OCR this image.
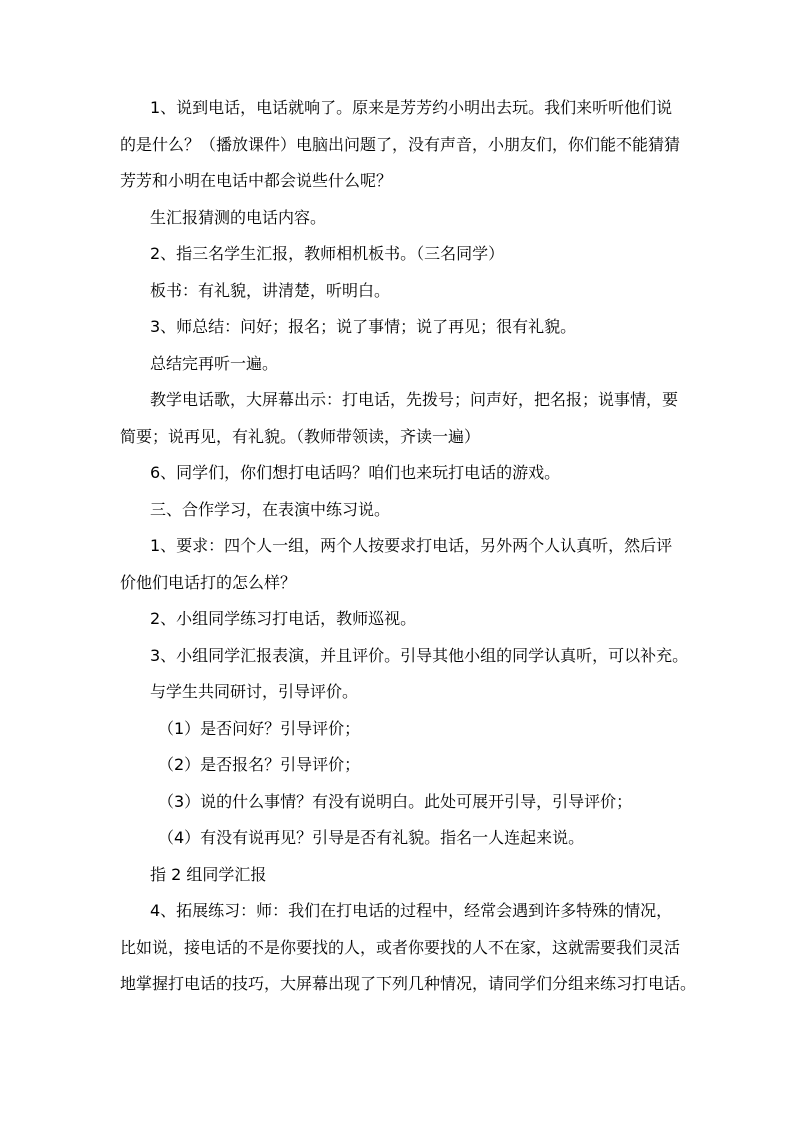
1、说到电话，电话就响了。原来是芳芳约小明出去玩。我们来听听他们说
的是什么？（播放课件）电脑出问题了，没有声音，小朋友们，你们能不能猜猜
芳芳和小明在电话中都会说些什么呢？

生汇报猜测的电话内容。

2、指三名学生汇报，教师相机板书。（三名同学）

板书：有礼貌，讲清楚，听明白。

3、师总结：问好；报名；说了事情；说了再见；很有礼貌。

总结完再听一遍。

教学电话歌，大屏幕出示：打电话，先拨号；问声好，把名报；说事情，要
简要；说再见，有礼貌。（教师带领读，齐读一遍）

6、同学们，你们想打电话吗？咱们也来玩打电话的游戏。

三、合作学习，在表演中练习说。

1、要求：四个人一组，两个人按要求打电话，另外两个人认真听，然后评
价他们电话打的怎么样？

2、小组同学练习打电话，教师巡视。

3、小组同学汇报表演，并且评价。引导其他小组的同学认真听，可以补充。

与学生共同研讨，引导评价。

（1）是否问好？引导评价；

（2）是否报名？引导评价；

（3）说的什么事情？有没有说明白。此处可展开引导，引导评价；

（4）有没有说再见？引导是否有礼貌。指名一人连起来说。

指 2 组同学汇报

4、拓展练习：师：我们在打电话的过程中，经常会遇到许多特殊的情况，
比如说，接电话的不是你要找的人，或者你要找的人不在家，这就需要我们灵活
地掌握打电话的技巧，大屏幕出现了下列几种情况，请同学们分组来练习打电话。
